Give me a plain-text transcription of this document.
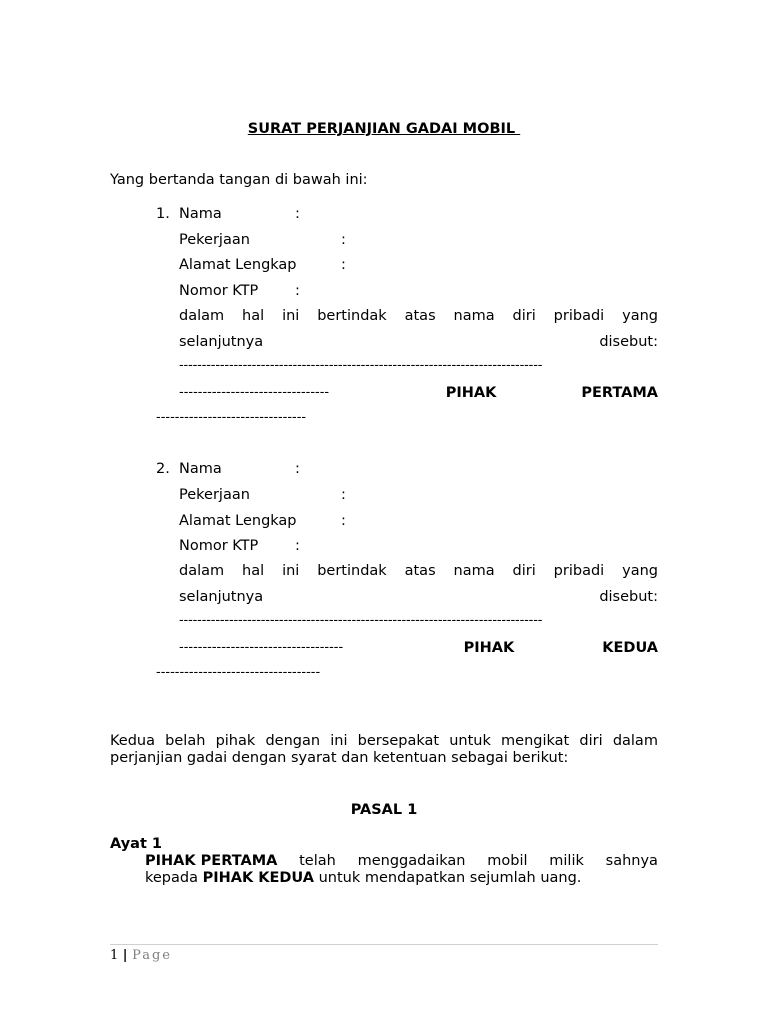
SURAT PERJANJIAN GADAI MOBIL
Yang bertanda tangan di bawah ini:
1. Nama	:
Pekerjaan	:
Alamat Lengkap	:
Nomor KTP	:
dalam hal ini bertindak atas nama diri pribadi yang
selanjutnya	disebut:
--------------------------------------------------------------------------------
--------------------------------	PIHAK	PERTAMA
--------------------------------
2. Nama	:
Pekerjaan	:
Alamat Lengkap	:
Nomor KTP	:
dalam hal ini bertindak atas nama diri pribadi yang
selanjutnya	disebut:
--------------------------------------------------------------------------------
-----------------------------------	PIHAK	KEDUA
-----------------------------------
Kedua belah pihak dengan ini bersepakat untuk mengikat diri dalam
perjanjian gadai dengan syarat dan ketentuan sebagai berikut:
PASAL 1
Ayat 1
PIHAK PERTAMA telah menggadaikan mobil milik sahnya
kepada PIHAK KEDUA untuk mendapatkan sejumlah uang.
1 | Page
